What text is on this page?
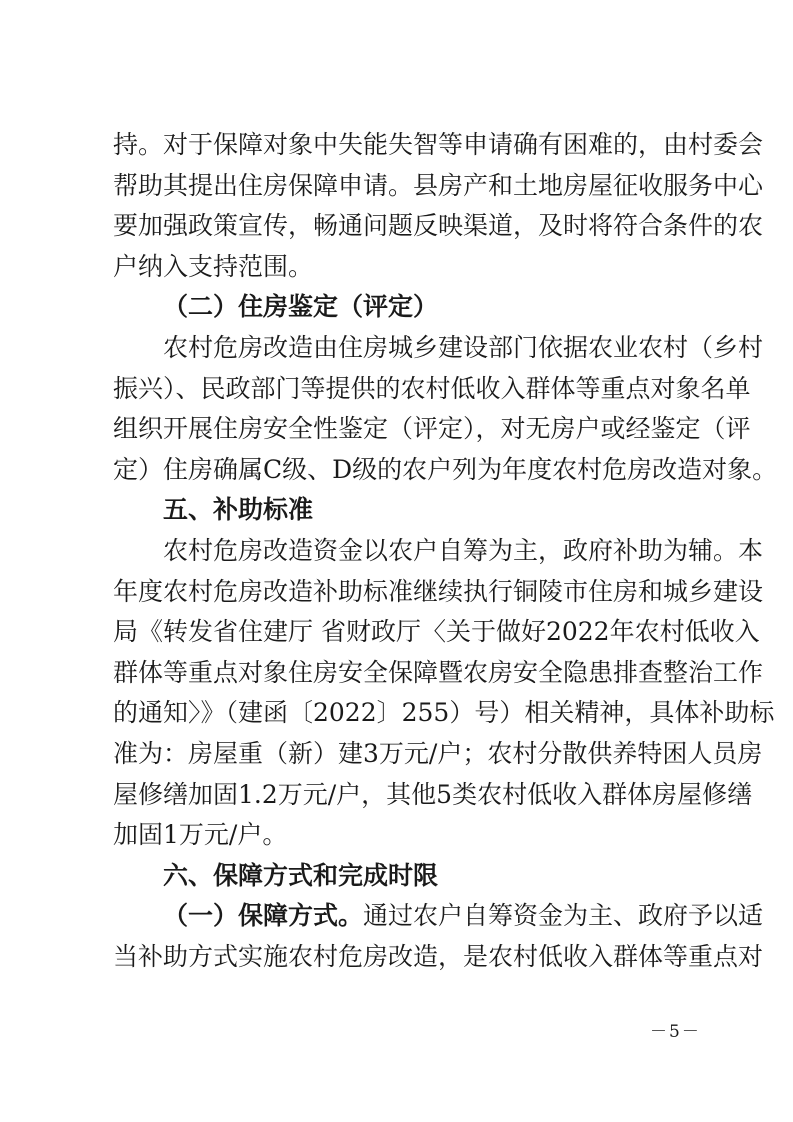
持。对于保障对象中失能失智等申请确有困难的，由村委会
帮助其提出住房保障申请。县房产和土地房屋征收服务中心
要加强政策宣传，畅通问题反映渠道，及时将符合条件的农
户纳入支持范围。
（二）住房鉴定（评定）
农村危房改造由住房城乡建设部门依据农业农村（乡村
振兴）、民政部门等提供的农村低收入群体等重点对象名单
组织开展住房安全性鉴定（评定），对无房户或经鉴定（评
定）住房确属C级、D级的农户列为年度农村危房改造对象。
五、补助标准
农村危房改造资金以农户自筹为主，政府补助为辅。本
年度农村危房改造补助标准继续执行铜陵市住房和城乡建设
局《转发省住建厅 省财政厅〈关于做好2022年农村低收入
群体等重点对象住房安全保障暨农房安全隐患排查整治工作
的通知〉》（建函〔2022〕255）号）相关精神，具体补助标
准为：房屋重（新）建3万元/户；农村分散供养特困人员房
屋修缮加固1.2万元/户，其他5类农村低收入群体房屋修缮
加固1万元/户。
六、保障方式和完成时限
（一）保障方式。通过农户自筹资金为主、政府予以适
当补助方式实施农村危房改造，是农村低收入群体等重点对
－5－
